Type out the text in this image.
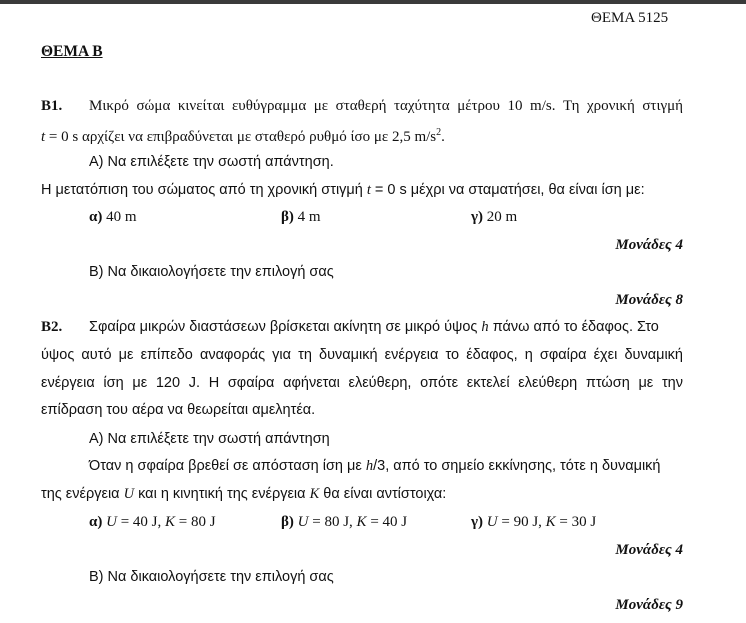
ΘΕΜΑ 5125
ΘΕΜΑ Β
Β1. Μικρό σώμα κινείται ευθύγραμμα με σταθερή ταχύτητα μέτρου 10 m/s. Τη χρονική στιγμή
t = 0 s αρχίζει να επιβραδύνεται με σταθερό ρυθμό ίσο με 2,5 $m/s^2$.
Α) Να επιλέξετε την σωστή απάντηση.
Η μετατόπιση του σώματος από τη χρονική στιγμή t = 0 s μέχρι να σταματήσει, θα είναι ίση με:
α) 40 m	β) 4 m	γ) 20 m
Μονάδες 4
Β) Να δικαιολογήσετε την επιλογή σας
Μονάδες 8
Β2. Σφαίρα μικρών διαστάσεων βρίσκεται ακίνητη σε μικρό ύψος h πάνω από το έδαφος. Στο
ύψος αυτό με επίπεδο αναφοράς για τη δυναμική ενέργεια το έδαφος, η σφαίρα έχει δυναμική
ενέργεια ίση με 120 J. Η σφαίρα αφήνεται ελεύθερη, οπότε εκτελεί ελεύθερη πτώση με την
επίδραση του αέρα να θεωρείται αμελητέα.
Α) Να επιλέξετε την σωστή απάντηση
Όταν η σφαίρα βρεθεί σε απόσταση ίση με h/3, από το σημείο εκκίνησης, τότε η δυναμική
της ενέργεια U και η κινητική της ενέργεια K θα είναι αντίστοιχα:
α) U = 40 J, K = 80 J	β) U = 80 J, K = 40 J	γ) U = 90 J, K = 30 J
Μονάδες 4
Β) Να δικαιολογήσετε την επιλογή σας
Μονάδες 9
